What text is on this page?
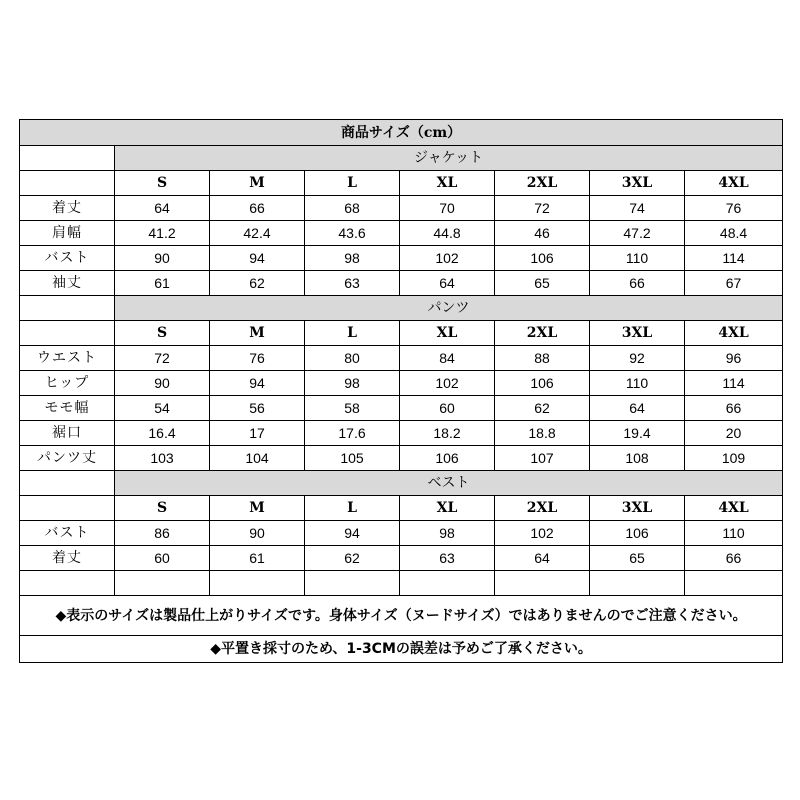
商品サイズ（cm）							
	ジャケット						
	S	M	L	XL	2XL	3XL	4XL
着丈	64	66	68	70	72	74	76
肩幅	41.2	42.4	43.6	44.8	46	47.2	48.4
バスト	90	94	98	102	106	110	114
袖丈	61	62	63	64	65	66	67
	パンツ						
	S	M	L	XL	2XL	3XL	4XL
ウエスト	72	76	80	84	88	92	96
ヒップ	90	94	98	102	106	110	114
モモ幅	54	56	58	60	62	64	66
裾口	16.4	17	17.6	18.2	18.8	19.4	20
パンツ丈	103	104	105	106	107	108	109
	ベスト						
	S	M	L	XL	2XL	3XL	4XL
バスト	86	90	94	98	102	106	110
着丈	60	61	62	63	64	65	66

◆表示のサイズは製品仕上がりサイズです。身体サイズ（ヌードサイズ）ではありませんのでご注意ください。							
◆平置き採寸のため、1-3CMの誤差は予めご了承ください。							
